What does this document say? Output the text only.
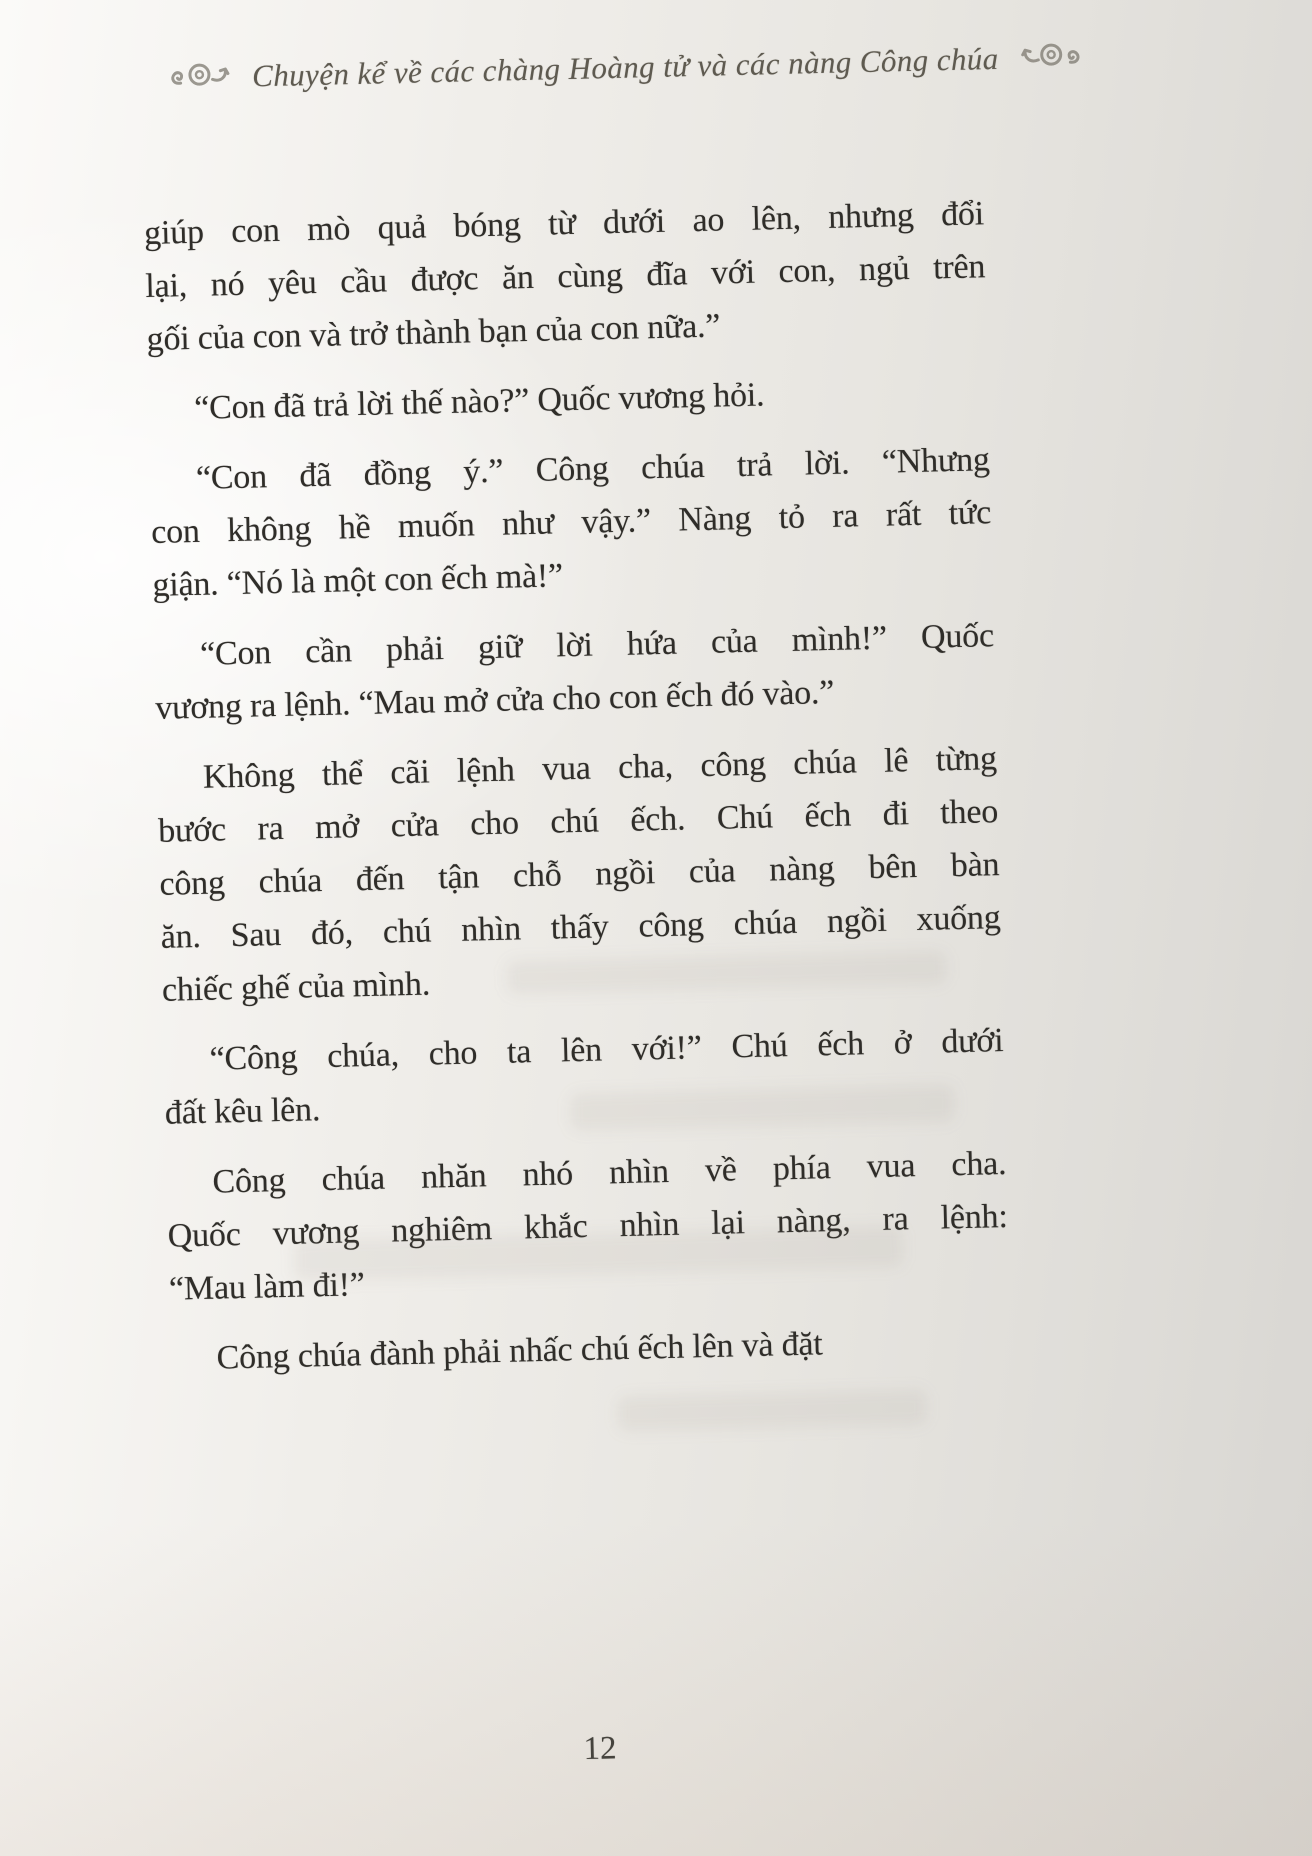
Chuyện kể về các chàng Hoàng tử và các nàng Công chúa
giúp con mò quả bóng từ dưới ao lên, nhưng đổi
lại, nó yêu cầu được ăn cùng đĩa với con, ngủ trên
gối của con và trở thành bạn của con nữa.”
“Con đã trả lời thế nào?” Quốc vương hỏi.
“Con đã đồng ý.” Công chúa trả lời. “Nhưng
con không hề muốn như vậy.” Nàng tỏ ra rất tức
giận. “Nó là một con ếch mà!”
“Con cần phải giữ lời hứa của mình!” Quốc
vương ra lệnh. “Mau mở cửa cho con ếch đó vào.”
Không thể cãi lệnh vua cha, công chúa lê từng
bước ra mở cửa cho chú ếch. Chú ếch đi theo
công chúa đến tận chỗ ngồi của nàng bên bàn
ăn. Sau đó, chú nhìn thấy công chúa ngồi xuống
chiếc ghế của mình.
“Công chúa, cho ta lên với!” Chú ếch ở dưới
đất kêu lên.
Công chúa nhăn nhó nhìn về phía vua cha.
Quốc vương nghiêm khắc nhìn lại nàng, ra lệnh:
“Mau làm đi!”
Công chúa đành phải nhấc chú ếch lên và đặt
12
